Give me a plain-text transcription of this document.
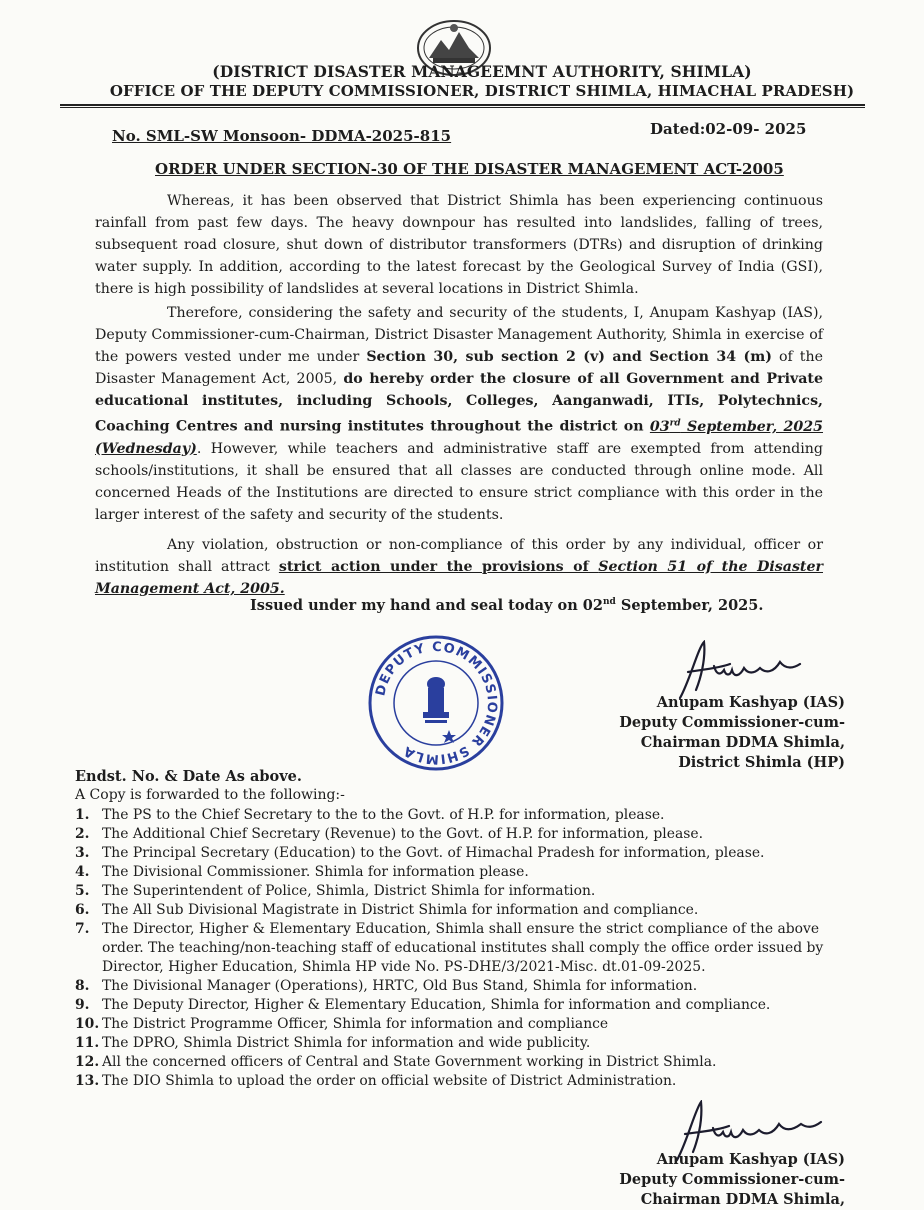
(DISTRICT DISASTER MANAGEEMNT AUTHORITY, SHIMLA)
OFFICE OF THE DEPUTY COMMISSIONER, DISTRICT SHIMLA, HIMACHAL PRADESH)
No. SML-SW Monsoon- DDMA-2025-815	Dated:02-09- 2025
ORDER UNDER SECTION-30 OF THE DISASTER MANAGEMENT ACT-2005
Whereas, it has been observed that District Shimla has been experiencing continuous rainfall from past few days. The heavy downpour has resulted into landslides, falling of trees, subsequent road closure, shut down of distributor transformers (DTRs) and disruption of drinking water supply. In addition, according to the latest forecast by the Geological Survey of India (GSI), there is high possibility of landslides at several locations in District Shimla.
Therefore, considering the safety and security of the students, I, Anupam Kashyap (IAS), Deputy Commissioner-cum-Chairman, District Disaster Management Authority, Shimla in exercise of the powers vested under me under Section 30, sub section 2 (v) and Section 34 (m) of the Disaster Management Act, 2005, do hereby order the closure of all Government and Private educational institutes, including Schools, Colleges, Aanganwadi, ITIs, Polytechnics, Coaching Centres and nursing institutes throughout the district on 03rd September, 2025 (Wednesday). However, while teachers and administrative staff are exempted from attending schools/institutions, it shall be ensured that all classes are conducted through online mode. All concerned Heads of the Institutions are directed to ensure strict compliance with this order in the larger interest of the safety and security of the students.
Any violation, obstruction or non-compliance of this order by any individual, officer or institution shall attract strict action under the provisions of Section 51 of the Disaster Management Act, 2005.
Issued under my hand and seal today on 02nd September, 2025.
DEPUTY COMMISSIONER SHIMLA
Anupam Kashyap (IAS)
Deputy Commissioner-cum-
Chairman DDMA Shimla,
District Shimla (HP)
Endst. No. & Date As above.
A Copy is forwarded to the following:-
1. The PS to the Chief Secretary to the to the Govt. of H.P. for information, please.
2. The Additional Chief Secretary (Revenue) to the Govt. of H.P. for information, please.
3. The Principal Secretary (Education) to the Govt. of Himachal Pradesh for information, please.
4. The Divisional Commissioner. Shimla for information please.
5. The Superintendent of Police, Shimla, District Shimla for information.
6. The All Sub Divisional Magistrate in District Shimla for information and compliance.
7. The Director, Higher & Elementary Education, Shimla shall ensure the strict compliance of the above order. The teaching/non-teaching staff of educational institutes shall comply the office order issued by Director, Higher Education, Shimla HP vide No. PS-DHE/3/2021-Misc. dt.01-09-2025.
8. The Divisional Manager (Operations), HRTC, Old Bus Stand, Shimla for information.
9. The Deputy Director, Higher & Elementary Education, Shimla for information and compliance.
10. The District Programme Officer, Shimla for information and compliance
11. The DPRO, Shimla District Shimla for information and wide publicity.
12. All the concerned officers of Central and State Government working in District Shimla.
13. The DIO Shimla to upload the order on official website of District Administration.
Anupam Kashyap (IAS)
Deputy Commissioner-cum-
Chairman DDMA Shimla,
